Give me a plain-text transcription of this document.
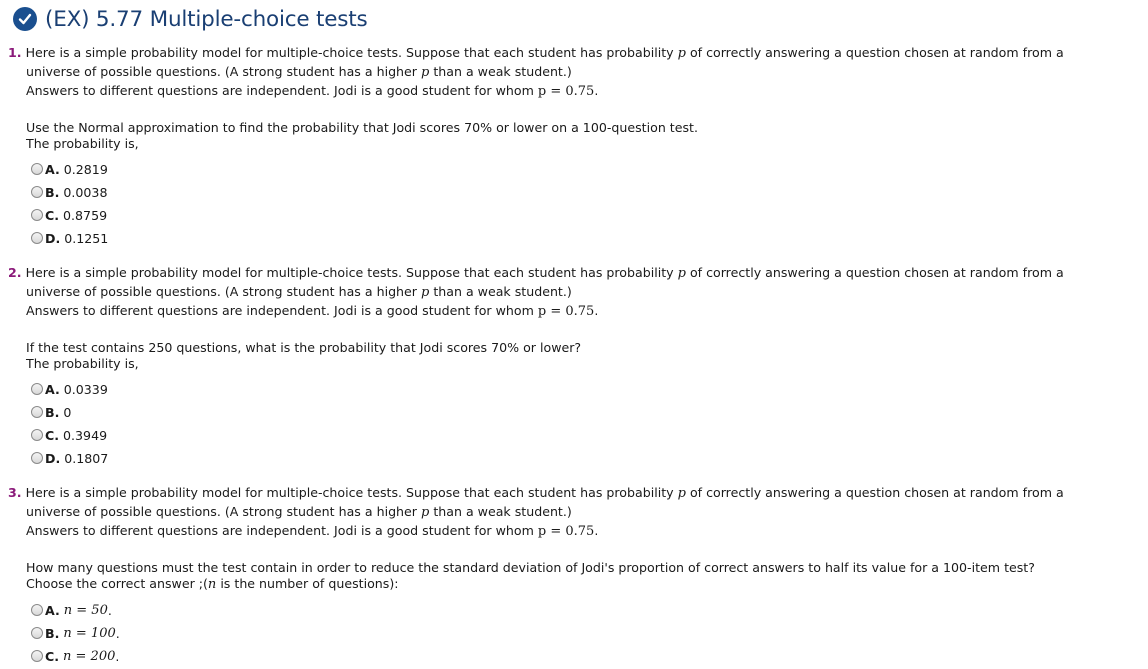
(EX) 5.77 Multiple-choice tests
1. Here is a simple probability model for multiple-choice tests. Suppose that each student has probability p of correctly answering a question chosen at random from a
universe of possible questions. (A strong student has a higher p than a weak student.)
Answers to different questions are independent. Jodi is a good student for whom p = 0.75.
Use the Normal approximation to find the probability that Jodi scores 70% or lower on a 100-question test.
The probability is,
A. 0.2819
B. 0.0038
C. 0.8759
D. 0.1251
2. Here is a simple probability model for multiple-choice tests. Suppose that each student has probability p of correctly answering a question chosen at random from a
universe of possible questions. (A strong student has a higher p than a weak student.)
Answers to different questions are independent. Jodi is a good student for whom p = 0.75.
If the test contains 250 questions, what is the probability that Jodi scores 70% or lower?
The probability is,
A. 0.0339
B. 0
C. 0.3949
D. 0.1807
3. Here is a simple probability model for multiple-choice tests. Suppose that each student has probability p of correctly answering a question chosen at random from a
universe of possible questions. (A strong student has a higher p than a weak student.)
Answers to different questions are independent. Jodi is a good student for whom p = 0.75.
How many questions must the test contain in order to reduce the standard deviation of Jodi's proportion of correct answers to half its value for a 100-item test?
Choose the correct answer ;(n is the number of questions):
A. n = 50 .
B. n = 100 .
C. n = 200 .
